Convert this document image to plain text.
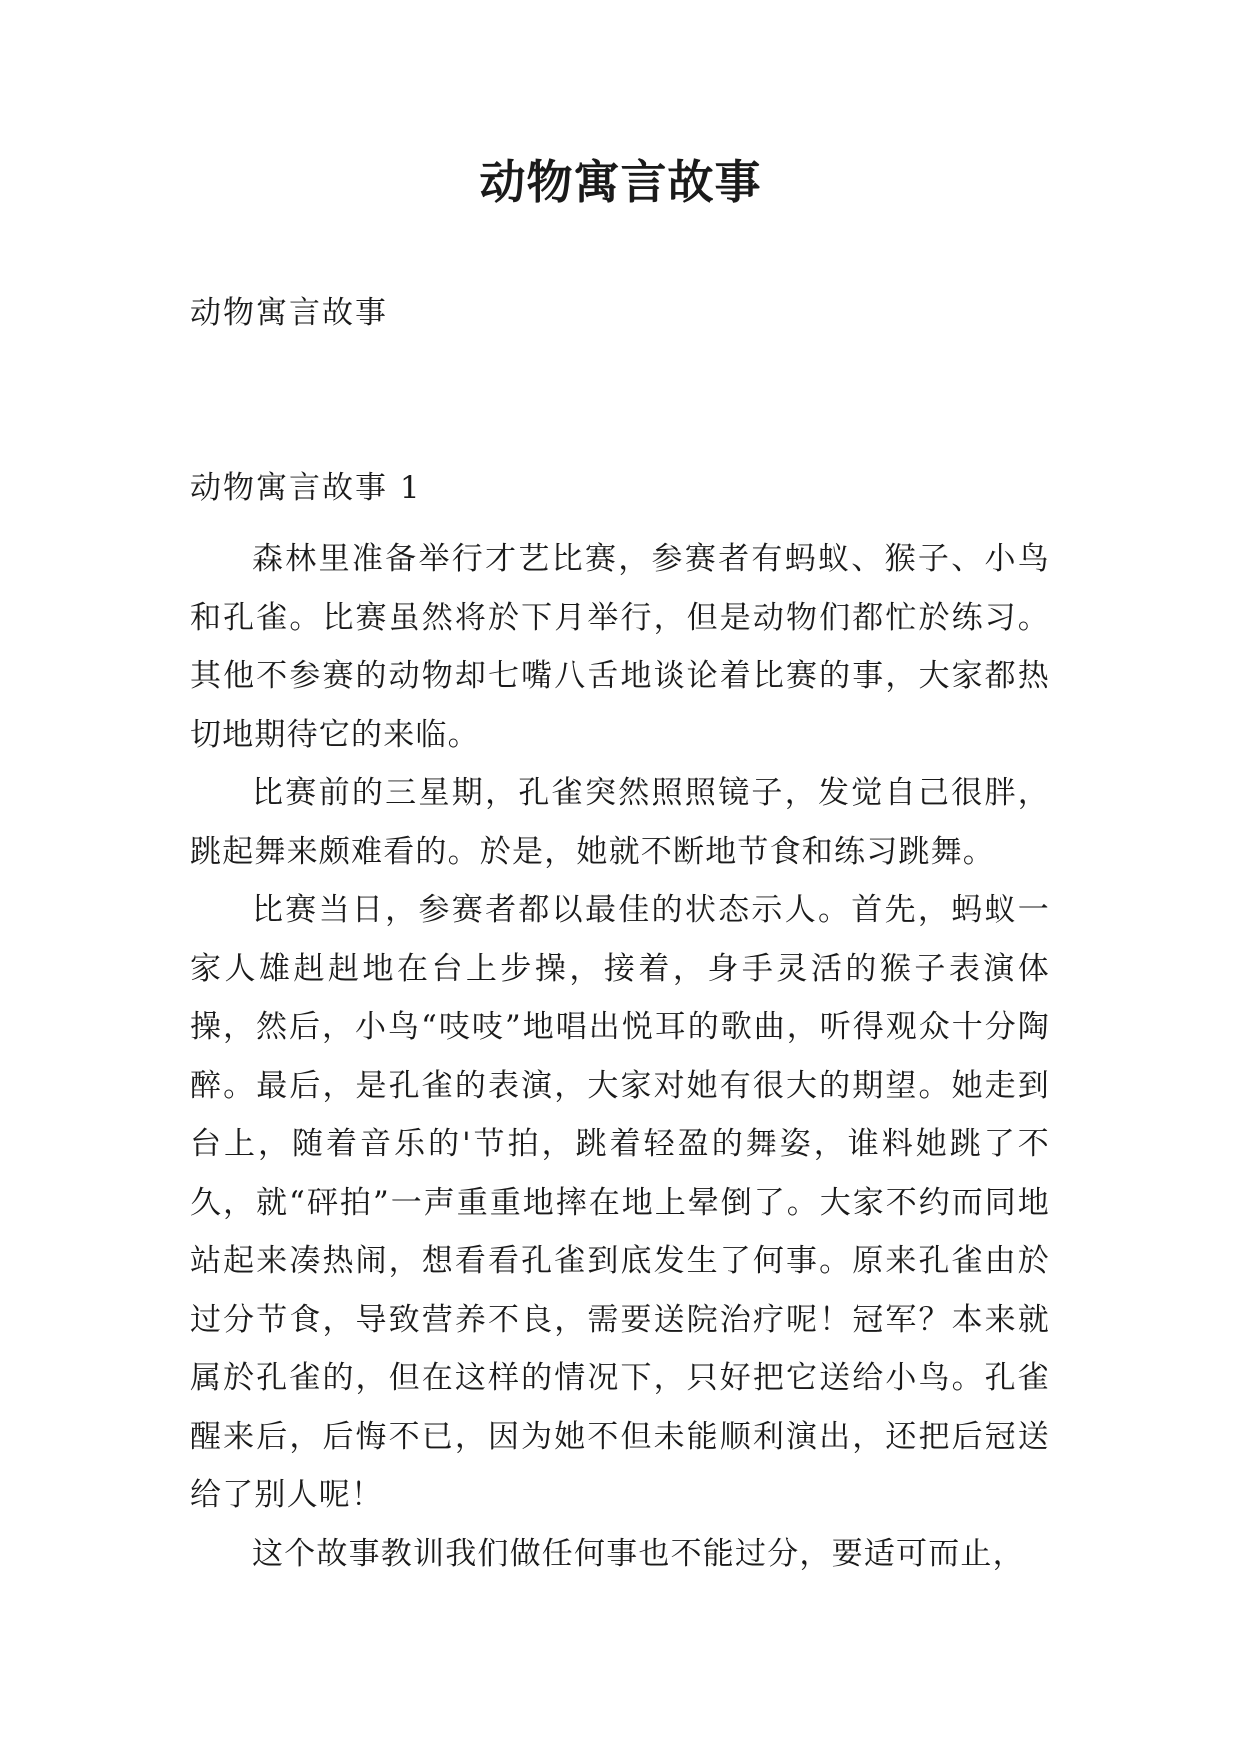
动物寓言故事
动物寓言故事
动物寓言故事 1

森林里准备举行才艺比赛，参赛者有蚂蚁、猴子、小鸟和孔雀。比赛虽然将於下月举行，但是动物们都忙於练习。其他不参赛的动物却七嘴八舌地谈论着比赛的事，大家都热切地期待它的来临。

比赛前的三星期，孔雀突然照照镜子，发觉自己很胖，跳起舞来颇难看的。於是，她就不断地节食和练习跳舞。

比赛当日，参赛者都以最佳的状态示人。首先，蚂蚁一家人雄赳赳地在台上步操，接着，身手灵活的猴子表演体操，然后，小鸟“吱吱”地唱出悦耳的歌曲，听得观众十分陶醉。最后，是孔雀的表演，大家对她有很大的期望。她走到台上，随着音乐的'节拍，跳着轻盈的舞姿，谁料她跳了不久，就“砰拍”一声重重地摔在地上晕倒了。大家不约而同地站起来凑热闹，想看看孔雀到底发生了何事。原来孔雀由於过分节食，导致营养不良，需要送院治疗呢！冠军？本来就属於孔雀的，但在这样的情况下，只好把它送给小鸟。孔雀醒来后，后悔不已，因为她不但未能顺利演出，还把后冠送给了别人呢！

这个故事教训我们做任何事也不能过分，要适可而止，
